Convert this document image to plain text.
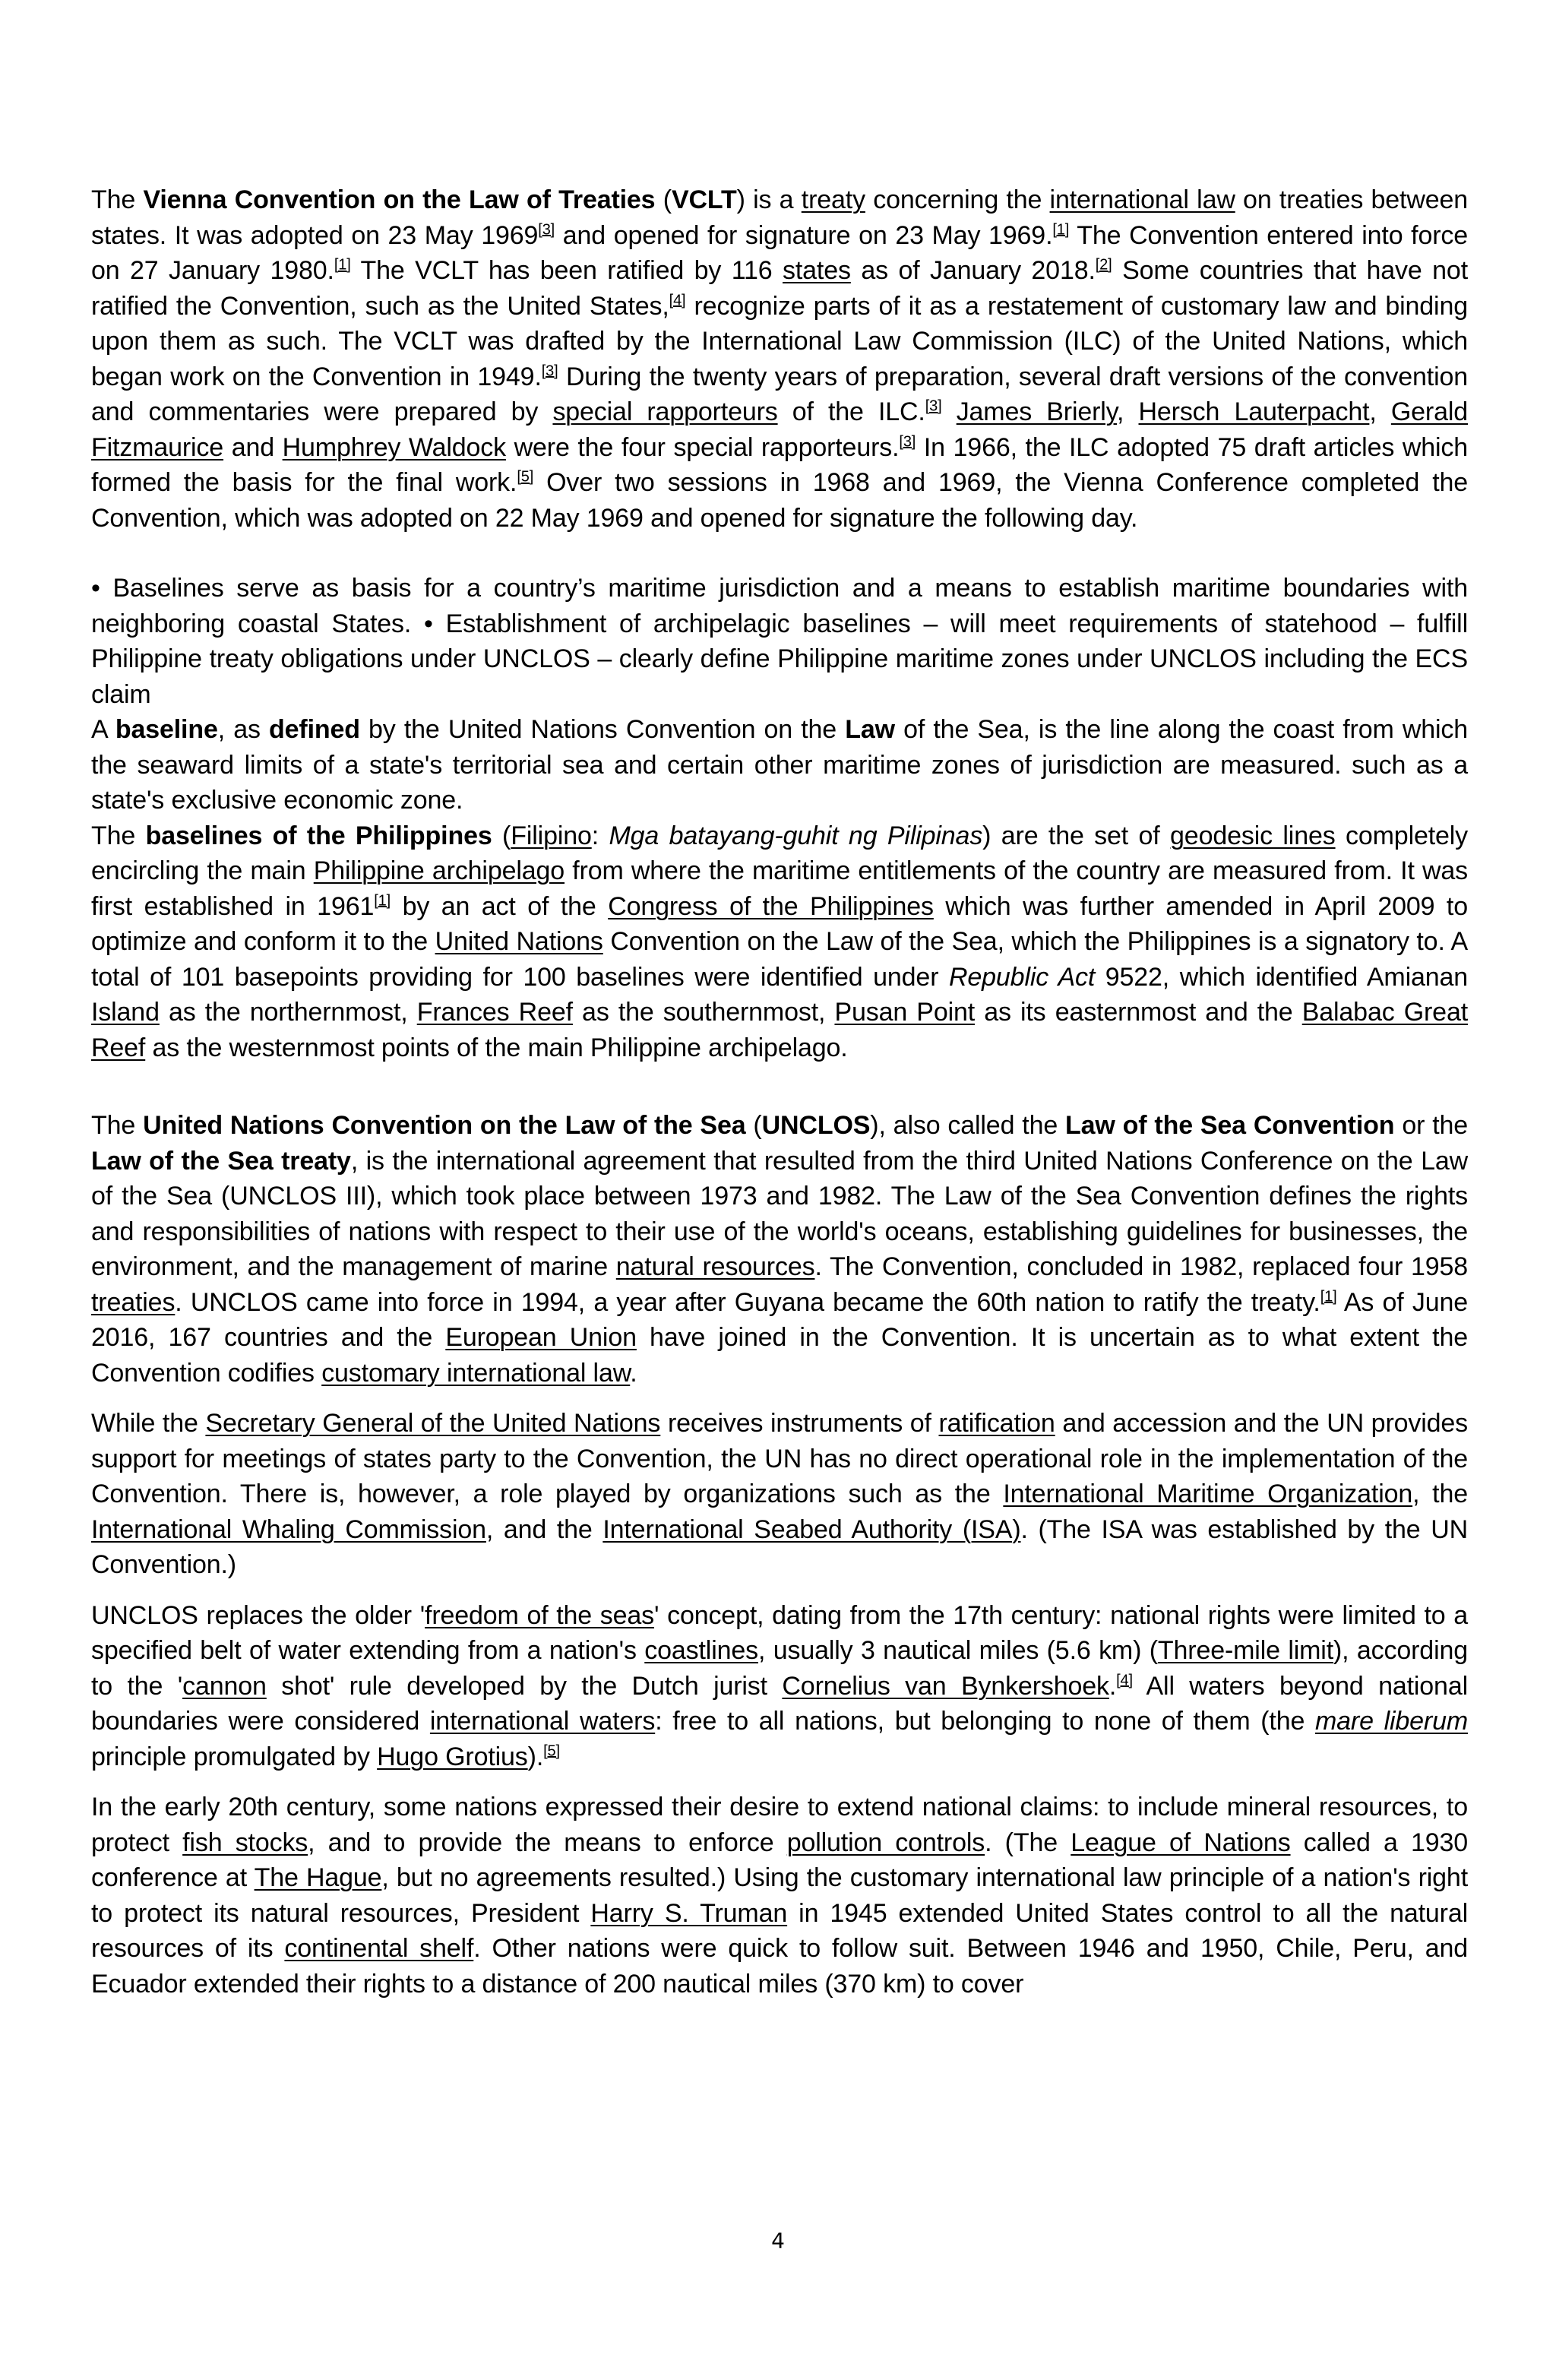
The Vienna Convention on the Law of Treaties (VCLT) is a treaty concerning the international law on treaties between states. It was adopted on 23 May 1969[3] and opened for signature on 23 May 1969.[1] The Convention entered into force on 27 January 1980.[1] The VCLT has been ratified by 116 states as of January 2018.[2] Some countries that have not ratified the Convention, such as the United States,[4] recognize parts of it as a restatement of customary law and binding upon them as such. The VCLT was drafted by the International Law Commission (ILC) of the United Nations, which began work on the Convention in 1949.[3] During the twenty years of preparation, several draft versions of the convention and commentaries were prepared by special rapporteurs of the ILC.[3] James Brierly, Hersch Lauterpacht, Gerald Fitzmaurice and Humphrey Waldock were the four special rapporteurs.[3] In 1966, the ILC adopted 75 draft articles which formed the basis for the final work.[5] Over two sessions in 1968 and 1969, the Vienna Conference completed the Convention, which was adopted on 22 May 1969 and opened for signature the following day.

• Baselines serve as basis for a country’s maritime jurisdiction and a means to establish maritime boundaries with neighboring coastal States. • Establishment of archipelagic baselines – will meet requirements of statehood – fulfill Philippine treaty obligations under UNCLOS – clearly define Philippine maritime zones under UNCLOS including the ECS claim

A baseline, as defined by the United Nations Convention on the Law of the Sea, is the line along the coast from which the seaward limits of a state's territorial sea and certain other maritime zones of jurisdiction are measured. such as a state's exclusive economic zone.

The baselines of the Philippines (Filipino: Mga batayang-guhit ng Pilipinas) are the set of geodesic lines completely encircling the main Philippine archipelago from where the maritime entitlements of the country are measured from. It was first established in 1961[1] by an act of the Congress of the Philippines which was further amended in April 2009 to optimize and conform it to the United Nations Convention on the Law of the Sea, which the Philippines is a signatory to. A total of 101 basepoints providing for 100 baselines were identified under Republic Act 9522, which identified Amianan Island as the northernmost, Frances Reef as the southernmost, Pusan Point as its easternmost and the Balabac Great Reef as the westernmost points of the main Philippine archipelago.

The United Nations Convention on the Law of the Sea (UNCLOS), also called the Law of the Sea Convention or the Law of the Sea treaty, is the international agreement that resulted from the third United Nations Conference on the Law of the Sea (UNCLOS III), which took place between 1973 and 1982. The Law of the Sea Convention defines the rights and responsibilities of nations with respect to their use of the world's oceans, establishing guidelines for businesses, the environment, and the management of marine natural resources. The Convention, concluded in 1982, replaced four 1958 treaties. UNCLOS came into force in 1994, a year after Guyana became the 60th nation to ratify the treaty.[1] As of June 2016, 167 countries and the European Union have joined in the Convention. It is uncertain as to what extent the Convention codifies customary international law.

While the Secretary General of the United Nations receives instruments of ratification and accession and the UN provides support for meetings of states party to the Convention, the UN has no direct operational role in the implementation of the Convention. There is, however, a role played by organizations such as the International Maritime Organization, the International Whaling Commission, and the International Seabed Authority (ISA). (The ISA was established by the UN Convention.)

UNCLOS replaces the older 'freedom of the seas' concept, dating from the 17th century: national rights were limited to a specified belt of water extending from a nation's coastlines, usually 3 nautical miles (5.6 km) (Three-mile limit), according to the 'cannon shot' rule developed by the Dutch jurist Cornelius van Bynkershoek.[4] All waters beyond national boundaries were considered international waters: free to all nations, but belonging to none of them (the mare liberum principle promulgated by Hugo Grotius).[5]

In the early 20th century, some nations expressed their desire to extend national claims: to include mineral resources, to protect fish stocks, and to provide the means to enforce pollution controls. (The League of Nations called a 1930 conference at The Hague, but no agreements resulted.) Using the customary international law principle of a nation's right to protect its natural resources, President Harry S. Truman in 1945 extended United States control to all the natural resources of its continental shelf. Other nations were quick to follow suit. Between 1946 and 1950, Chile, Peru, and Ecuador extended their rights to a distance of 200 nautical miles (370 km) to cover

4
